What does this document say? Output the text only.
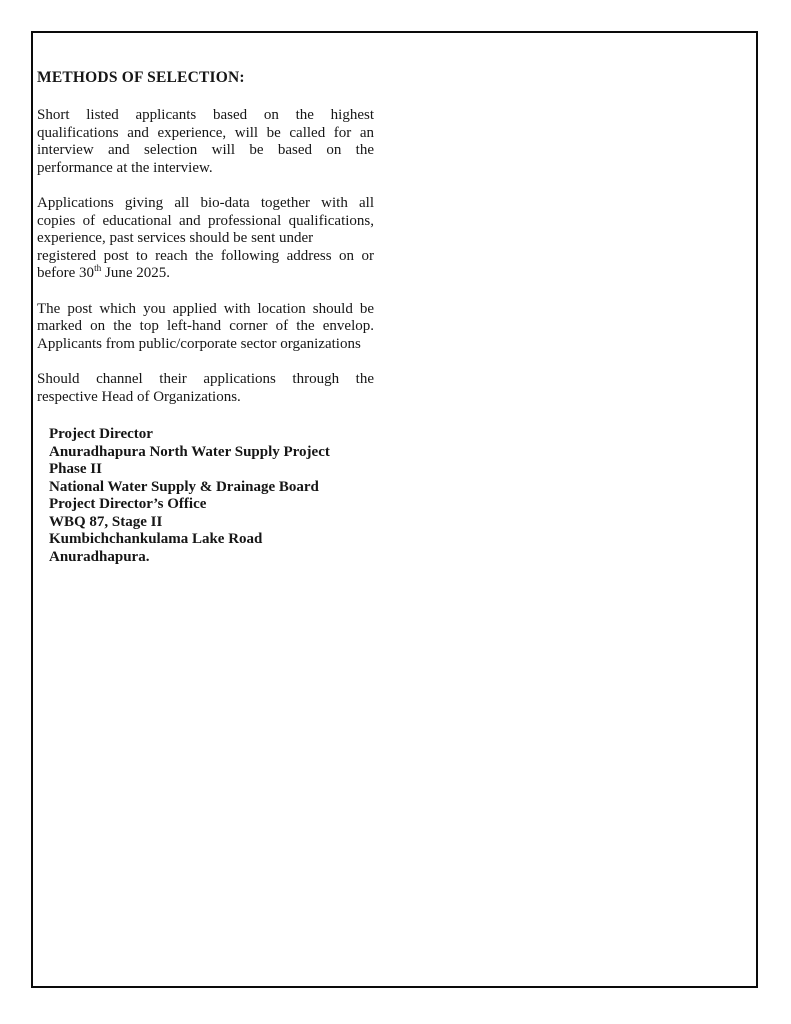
METHODS OF SELECTION:
Short listed applicants based on the highest
qualifications and experience, will be called for an
interview and selection will be based on the
performance at the interview.
Applications giving all bio-data together with all
copies of educational and professional qualifications,
experience, past services should be sent under
registered post to reach the following address on or
before 30th June 2025.
The post which you applied with location should be
marked on the top left-hand corner of the envelop.
Applicants from public/corporate sector organizations
Should channel their applications through the
respective Head of Organizations.
Project Director
Anuradhapura North Water Supply Project
Phase II
National Water Supply & Drainage Board
Project Director’s Office
WBQ 87, Stage II
Kumbichchankulama Lake Road
Anuradhapura.
